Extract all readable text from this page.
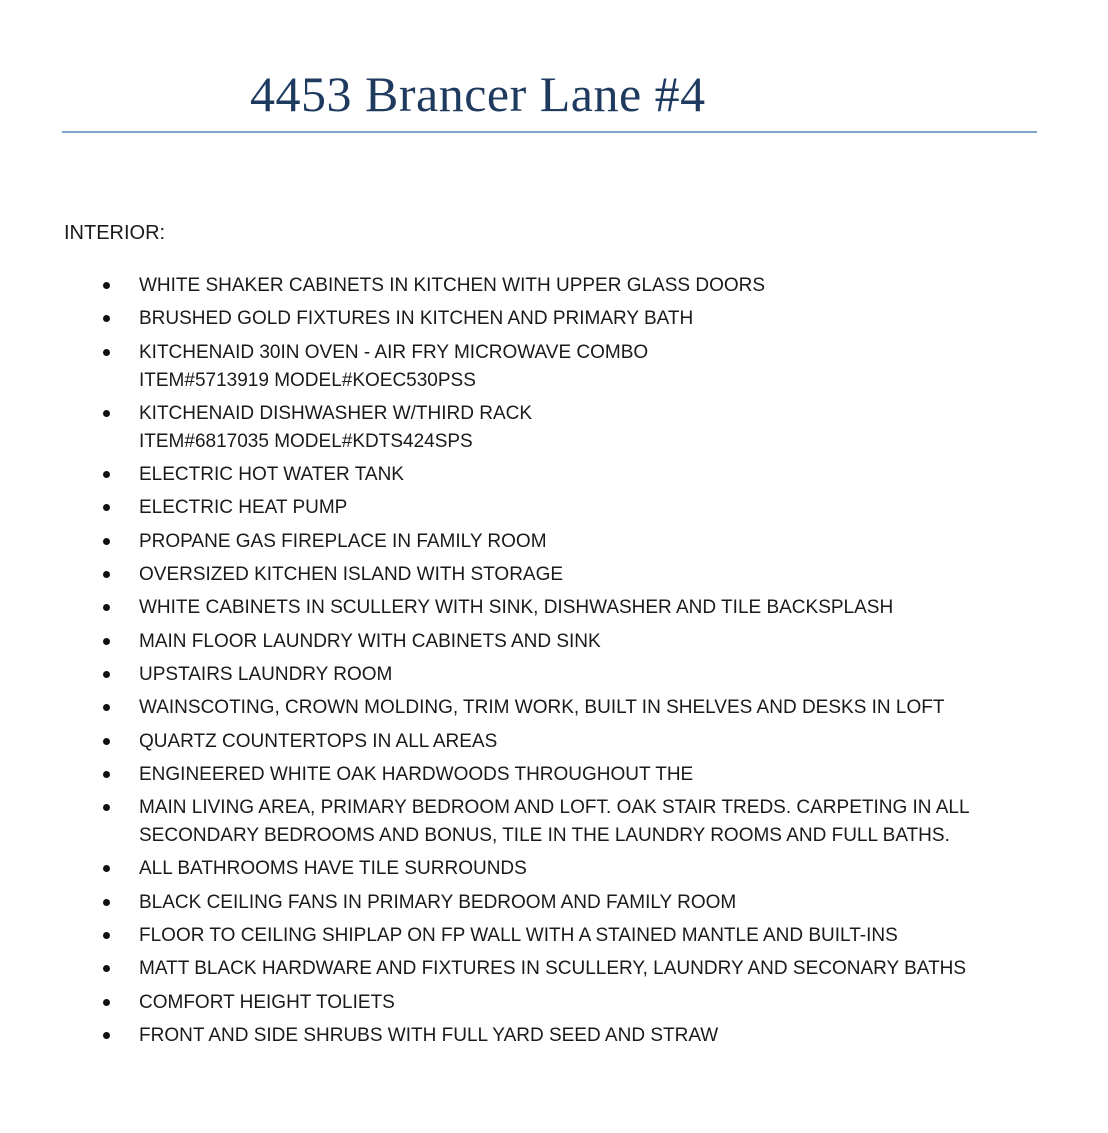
4453 Brancer Lane #4
INTERIOR:
WHITE SHAKER CABINETS IN KITCHEN WITH UPPER GLASS DOORS
BRUSHED GOLD FIXTURES IN KITCHEN AND PRIMARY BATH
KITCHENAID 30IN OVEN - AIR FRY MICROWAVE COMBO
ITEM#5713919 MODEL#KOEC530PSS
KITCHENAID DISHWASHER W/THIRD RACK
ITEM#6817035 MODEL#KDTS424SPS
ELECTRIC HOT WATER TANK
ELECTRIC HEAT PUMP
PROPANE GAS FIREPLACE IN FAMILY ROOM
OVERSIZED KITCHEN ISLAND WITH STORAGE
WHITE CABINETS IN SCULLERY WITH SINK, DISHWASHER AND TILE BACKSPLASH
MAIN FLOOR LAUNDRY WITH CABINETS AND SINK
UPSTAIRS LAUNDRY ROOM
WAINSCOTING, CROWN MOLDING, TRIM WORK, BUILT IN SHELVES AND DESKS IN LOFT
QUARTZ COUNTERTOPS IN ALL AREAS
ENGINEERED WHITE OAK HARDWOODS THROUGHOUT THE
MAIN LIVING AREA, PRIMARY BEDROOM AND LOFT. OAK STAIR TREDS. CARPETING IN ALL
SECONDARY BEDROOMS AND BONUS, TILE IN THE LAUNDRY ROOMS AND FULL BATHS.
ALL BATHROOMS HAVE TILE SURROUNDS
BLACK CEILING FANS IN PRIMARY BEDROOM AND FAMILY ROOM
FLOOR TO CEILING SHIPLAP ON FP WALL WITH A STAINED MANTLE AND BUILT-INS
MATT BLACK HARDWARE AND FIXTURES IN SCULLERY, LAUNDRY AND SECONARY BATHS
COMFORT HEIGHT TOLIETS
FRONT AND SIDE SHRUBS WITH FULL YARD SEED AND STRAW
